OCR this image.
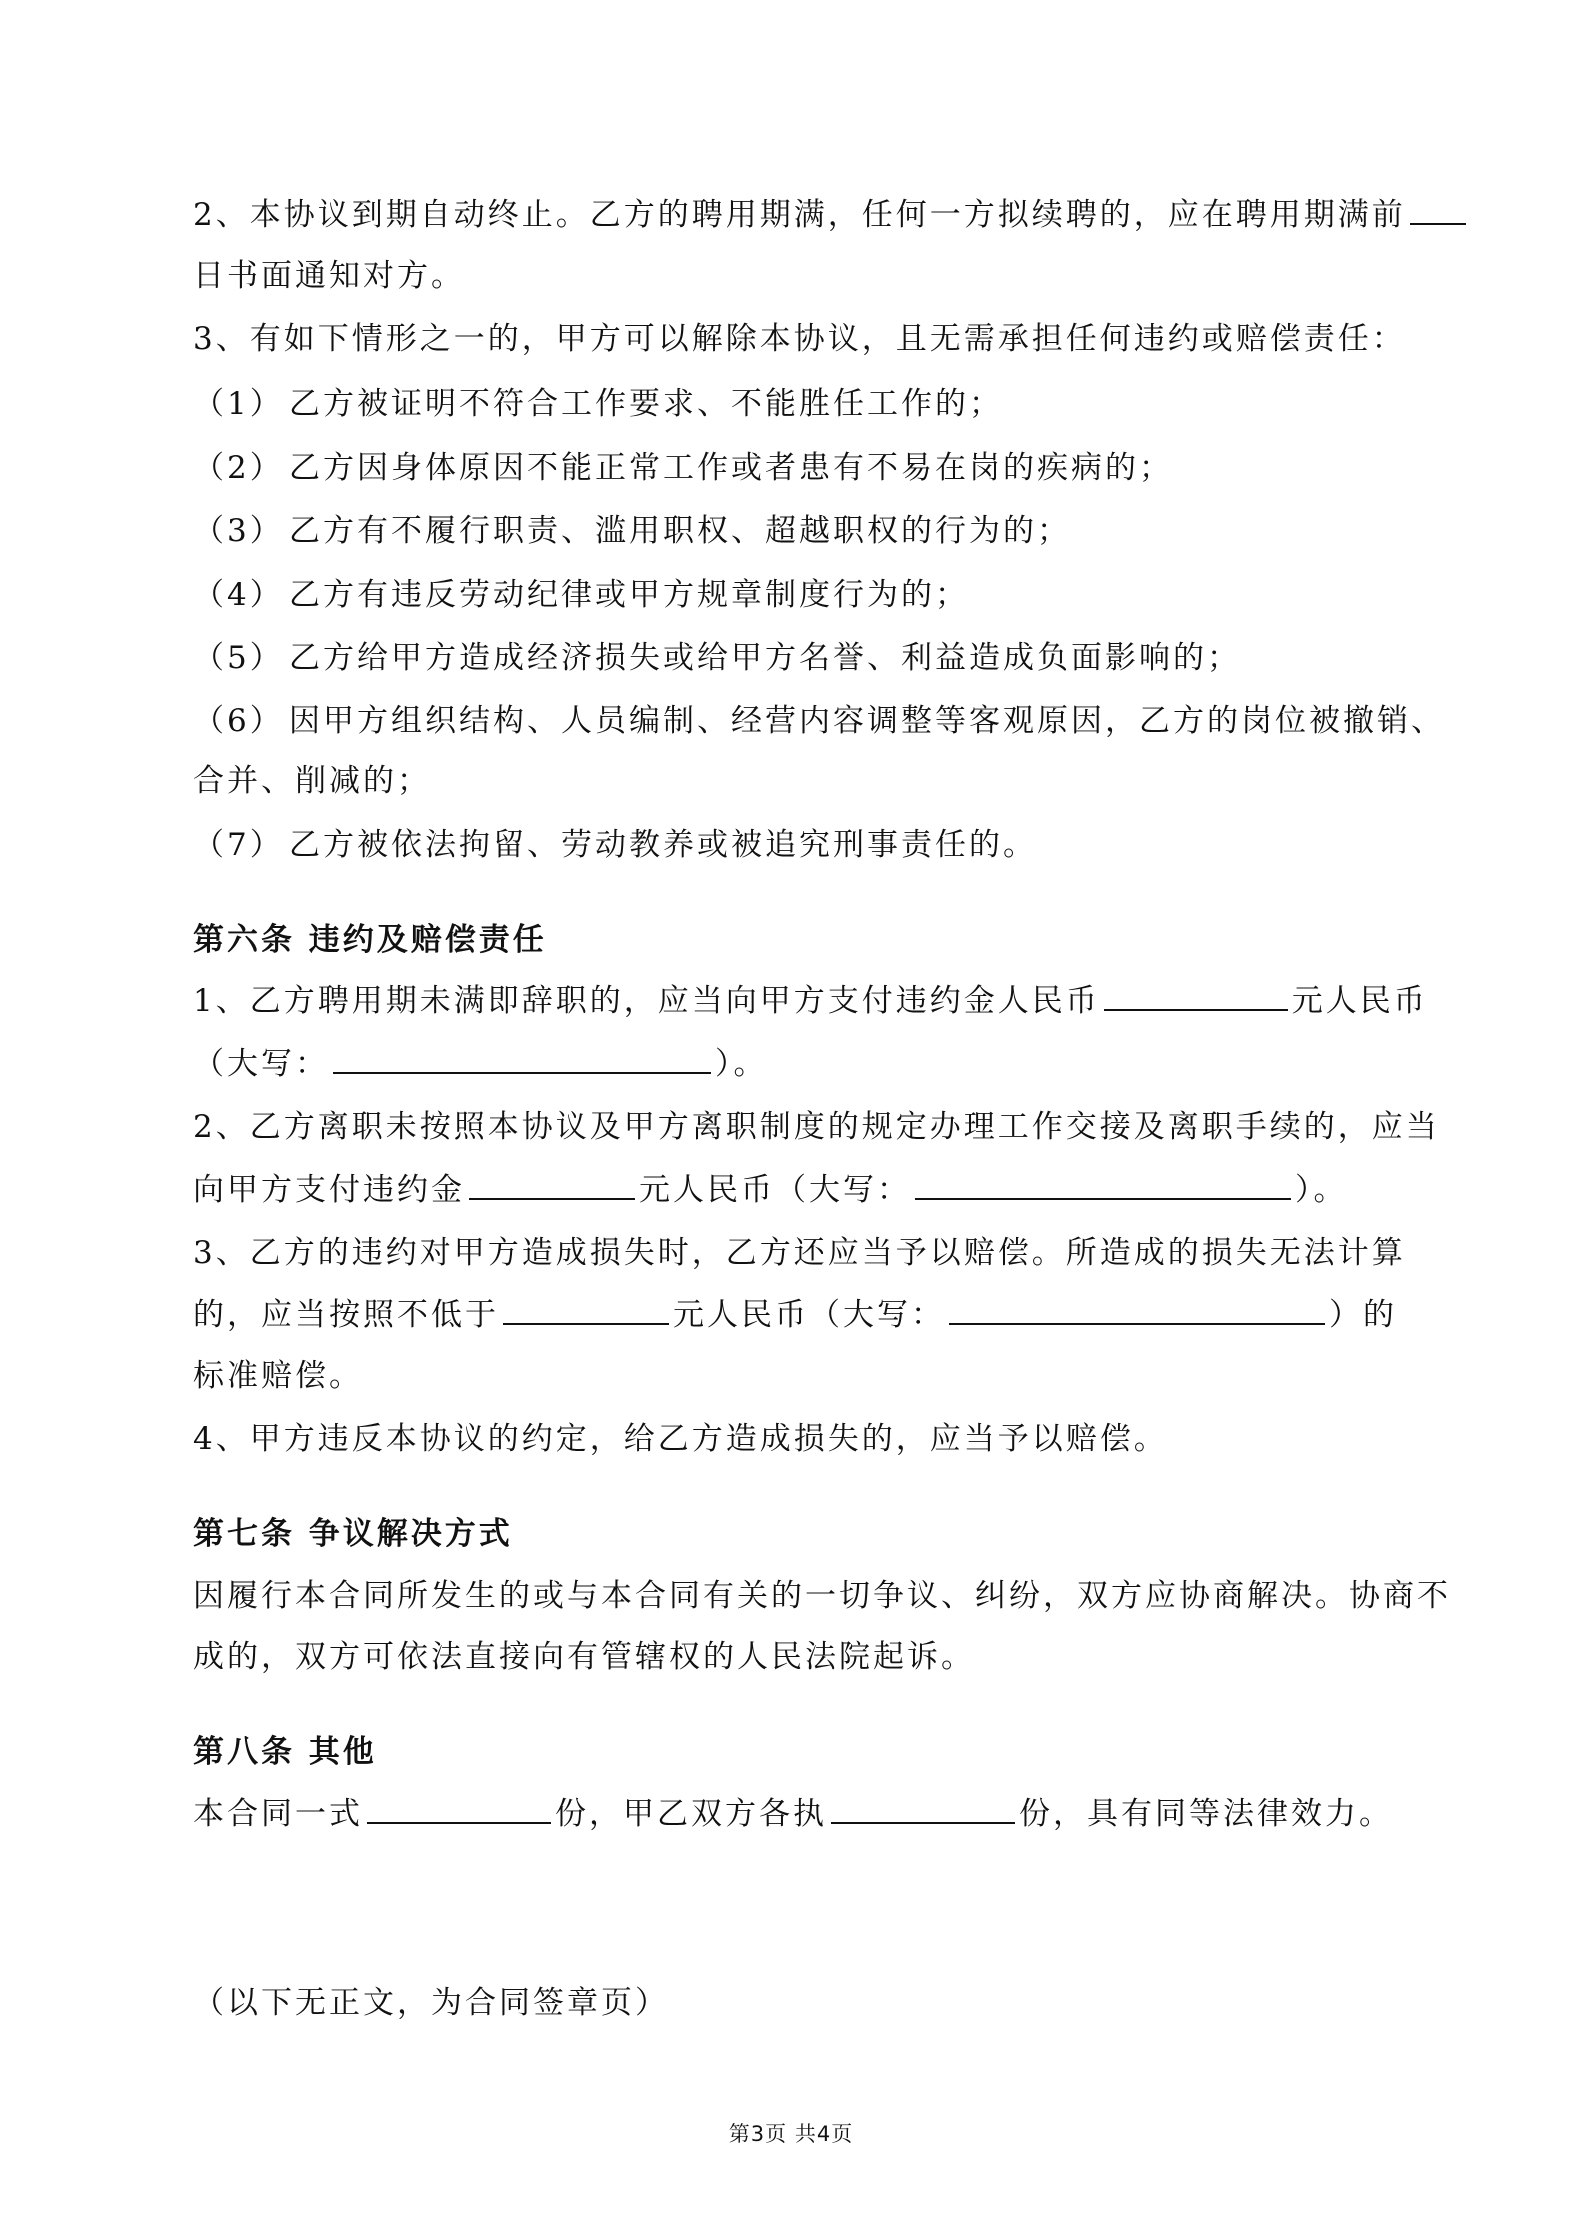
2、本协议到期自动终止。乙方的聘用期满，任何一方拟续聘的，应在聘用期满前
日书面通知对方。
3、有如下情形之一的，甲方可以解除本协议，且无需承担任何违约或赔偿责任：
（1） 乙方被证明不符合工作要求、不能胜任工作的；
（2） 乙方因身体原因不能正常工作或者患有不易在岗的疾病的；
（3） 乙方有不履行职责、滥用职权、超越职权的行为的；
（4） 乙方有违反劳动纪律或甲方规章制度行为的；
（5） 乙方给甲方造成经济损失或给甲方名誉、利益造成负面影响的；
（6） 因甲方组织结构、人员编制、经营内容调整等客观原因，乙方的岗位被撤销、
合并、削减的；
（7） 乙方被依法拘留、劳动教养或被追究刑事责任的。
第六条 违约及赔偿责任
1、乙方聘用期未满即辞职的，应当向甲方支付违约金人民币	元人民币
（大写：	）。
2、乙方离职未按照本协议及甲方离职制度的规定办理工作交接及离职手续的，应当
向甲方支付违约金	元人民币（大写：	）。
3、乙方的违约对甲方造成损失时，乙方还应当予以赔偿。所造成的损失无法计算
的，应当按照不低于	元人民币（大写：	）的
标准赔偿。
4、甲方违反本协议的约定，给乙方造成损失的，应当予以赔偿。
第七条 争议解决方式
因履行本合同所发生的或与本合同有关的一切争议、纠纷，双方应协商解决。协商不
成的，双方可依法直接向有管辖权的人民法院起诉。
第八条 其他
本合同一式	份，甲乙双方各执	份，具有同等法律效力。
（以下无正文，为合同签章页）
第3页 共4页
